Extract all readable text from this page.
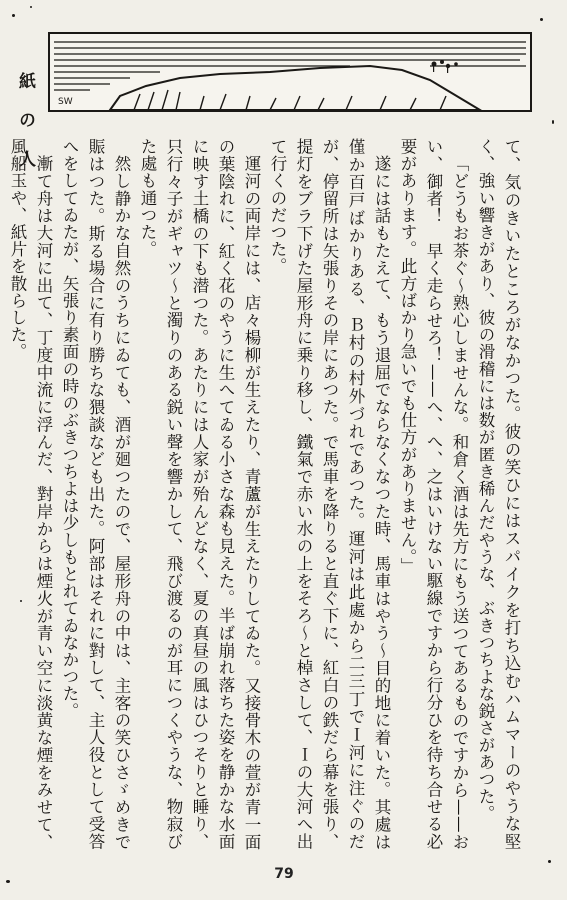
SW
紙の人

て、気のきいたところがなかつた。彼の笑ひにはスパイクを打ち込むハムマーのやうな堅く、強い響きがあり、彼の滑稽には数が匿き稀んだやうな、ぶきつちよな鋭さがあつた。

「どうもお茶ぐ〜熟心しませんな。和倉く酒は先方にもう送つてあるものですから——おい、御者！　早く走らせろ！——へ、へ、之はいけない駆線ですから行分ひを待ち合せる必要があります。此方ばかり急いでも仕方がありません。」

遂には話もたえて、もう退屈でならなくなつた時、馬車はやう〜目的地に着いた。其處は僅か百戸ばかりある、Ｂ村の村外づれであつた。運河は此處から二三丁でＩ河に注ぐのだが、停留所は矢張りその岸にあつた。で馬車を降りると直ぐ下に、紅白の鉄だら幕を張り、提灯をブラ下げた屋形舟に乗り移し、鐵氣で赤い水の上をそろ〜と棹さして、Ｉの大河へ出て行くのだつた。

運河の両岸には、店々楊柳が生えたり、青蘆が生えたりしてゐた。又接骨木の萱が青一面の葉陰れに、紅く花のやうに生へてゐる小さな森も見えた。半ば崩れ落ちた姿を静かな水面に映す土橋の下も潜つた。あたりには人家が殆んどなく、夏の真昼の風はひつそりと睡り、只行々子がギャツ〜と濁りのある鋭い聲を響かして、飛び渡るのが耳につくやうな、物寂びた處も通つた。

然し静かな自然のうちにゐても、酒が廻つたので、屋形舟の中は、主客の笑ひさゞめきで賑はつた。斯る場合に有り勝ちな猥談なども出た。阿部はそれに對して、主人役として受答へをしてゐたが、矢張り素面の時のぶきつちよは少しもとれてゐなかつた。

漸て舟は大河に出て、丁度中流に浮んだ、對岸からは煙火が青い空に淡黄な煙をみせて、風船玉や、紙片を散らした。

79
